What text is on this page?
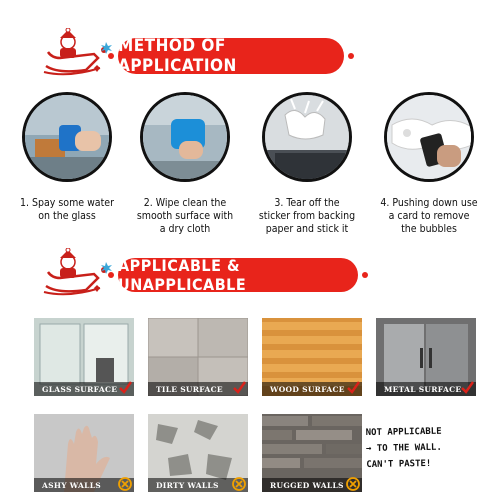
METHOD OF APPLICATION
1. Spay some water
on the glass
2. Wipe clean the
smooth surface with
a dry cloth
3. Tear off the
sticker from backing
paper and stick it
4. Pushing down use
a card to remove
the bubbles
APPLICABLE & UNAPPLICABLE
GLASS SURFACE	TILE SURFACE	WOOD SURFACE	METAL SURFACE
ASHY WALLS	DIRTY WALLS	RUGGED WALLS
NOT APPLICABLE
→ TO THE WALL.
CAN'T PASTE!
